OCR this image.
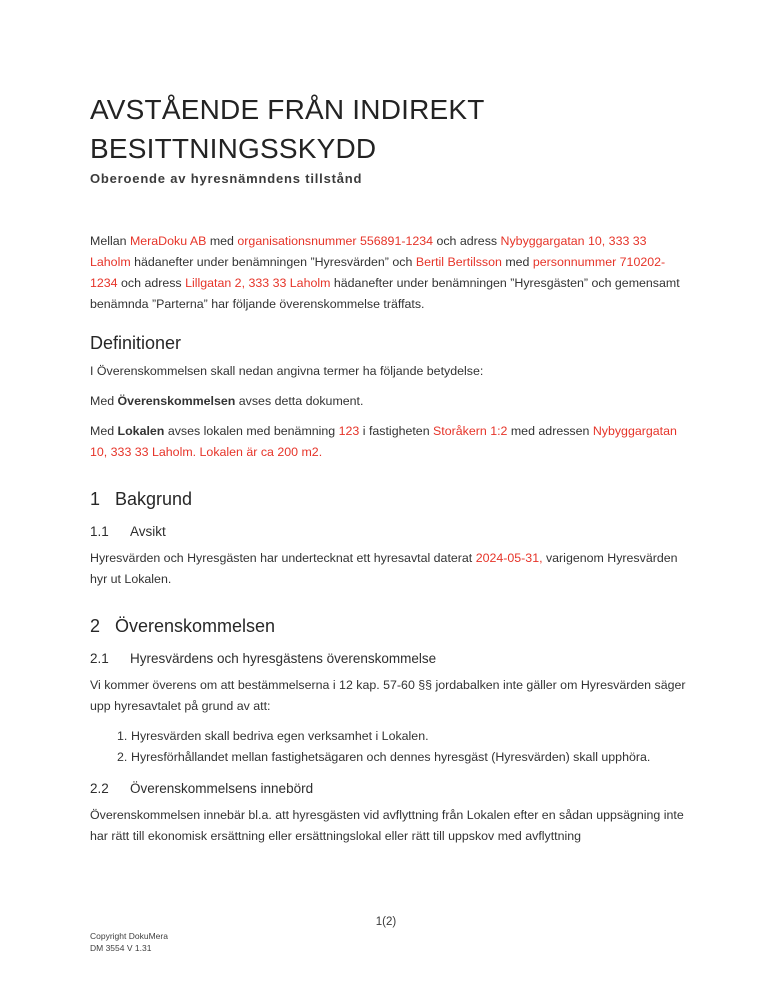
AVSTÅENDE FRÅN INDIREKT
BESITTNINGSSKYDD
Oberoende av hyresnämndens tillstånd

Mellan MeraDoku AB med organisationsnummer 556891-1234 och adress Nybyggargatan 10, 333 33 Laholm hädanefter under benämningen ”Hyresvärden” och Bertil Bertilsson med personnummer 710202-1234 och adress Lillgatan 2, 333 33 Laholm hädanefter under benämningen ”Hyresgästen” och gemensamt benämnda ”Parterna” har följande överenskommelse träffats.

Definitioner

I Överenskommelsen skall nedan angivna termer ha följande betydelse:

Med Överenskommelsen avses detta dokument.

Med Lokalen avses lokalen med benämning 123 i fastigheten Storåkern 1:2 med adressen Nybyggargatan 10, 333 33 Laholm. Lokalen är ca 200 m2.

1 Bakgrund
1.1	Avsikt

Hyresvärden och Hyresgästen har undertecknat ett hyresavtal daterat 2024-05-31, varigenom Hyresvärden hyr ut Lokalen.

2 Överenskommelsen
2.1	Hyresvärdens och hyresgästens överenskommelse

Vi kommer överens om att bestämmelserna i 12 kap. 57-60 §§ jordabalken inte gäller om Hyresvärden säger upp hyresavtalet på grund av att:

1. Hyresvärden skall bedriva egen verksamhet i Lokalen.
2. Hyresförhållandet mellan fastighetsägaren och dennes hyresgäst (Hyresvärden) skall upphöra.
2.2	Överenskommelsens innebörd

Överenskommelsen innebär bl.a. att hyresgästen vid avflyttning från Lokalen efter en sådan uppsägning inte har rätt till ekonomisk ersättning eller ersättningslokal eller rätt till uppskov med avflyttning

1(2)
Copyright DokuMera
DM 3554 V 1.31
